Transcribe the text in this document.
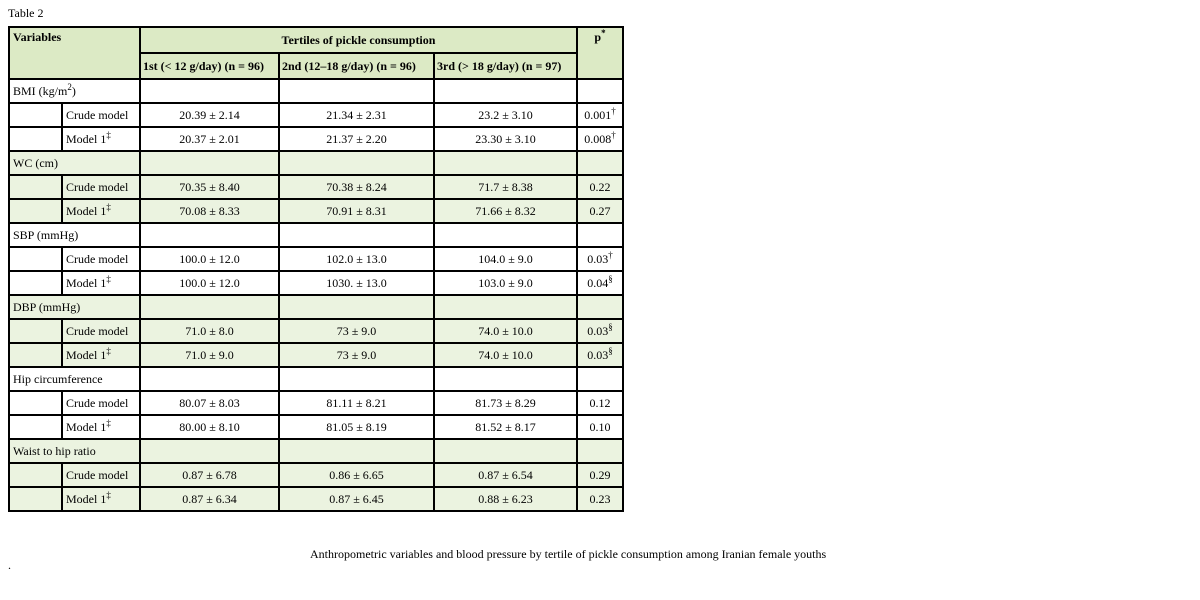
Table 2
Variables		Tertiles of pickle consumption			p*
		1st (< 12 g/day) (n = 96)	2nd (12–18 g/day) (n = 96)	3rd (> 18 g/day) (n = 97)	
BMI $(kg/m^2)$					
	Crude model	20.39 ± 2.14	21.34 ± 2.31	23.2 ± 3.10	0.001†
	Model 1‡	20.37 ± 2.01	21.37 ± 2.20	23.30 ± 3.10	0.008†
WC (cm)					
	Crude model	70.35 ± 8.40	70.38 ± 8.24	71.7 ± 8.38	0.22
	Model 1‡	70.08 ± 8.33	70.91 ± 8.31	71.66 ± 8.32	0.27
SBP (mmHg)					
	Crude model	100.0 ± 12.0	102.0 ± 13.0	104.0 ± 9.0	0.03†
	Model 1‡	100.0 ± 12.0	1030. ± 13.0	103.0 ± 9.0	0.04§
DBP (mmHg)					
	Crude model	71.0 ± 8.0	73 ± 9.0	74.0 ± 10.0	0.03§
	Model 1‡	71.0 ± 9.0	73 ± 9.0	74.0 ± 10.0	0.03§
Hip circumference					
	Crude model	80.07 ± 8.03	81.11 ± 8.21	81.73 ± 8.29	0.12
	Model 1‡	80.00 ± 8.10	81.05 ± 8.19	81.52 ± 8.17	0.10
Waist to hip ratio					
	Crude model	0.87 ± 6.78	0.86 ± 6.65	0.87 ± 6.54	0.29
	Model 1‡	0.87 ± 6.34	0.87 ± 6.45	0.88 ± 6.23	0.23
Anthropometric variables and blood pressure by tertile of pickle consumption among Iranian female youths
.
